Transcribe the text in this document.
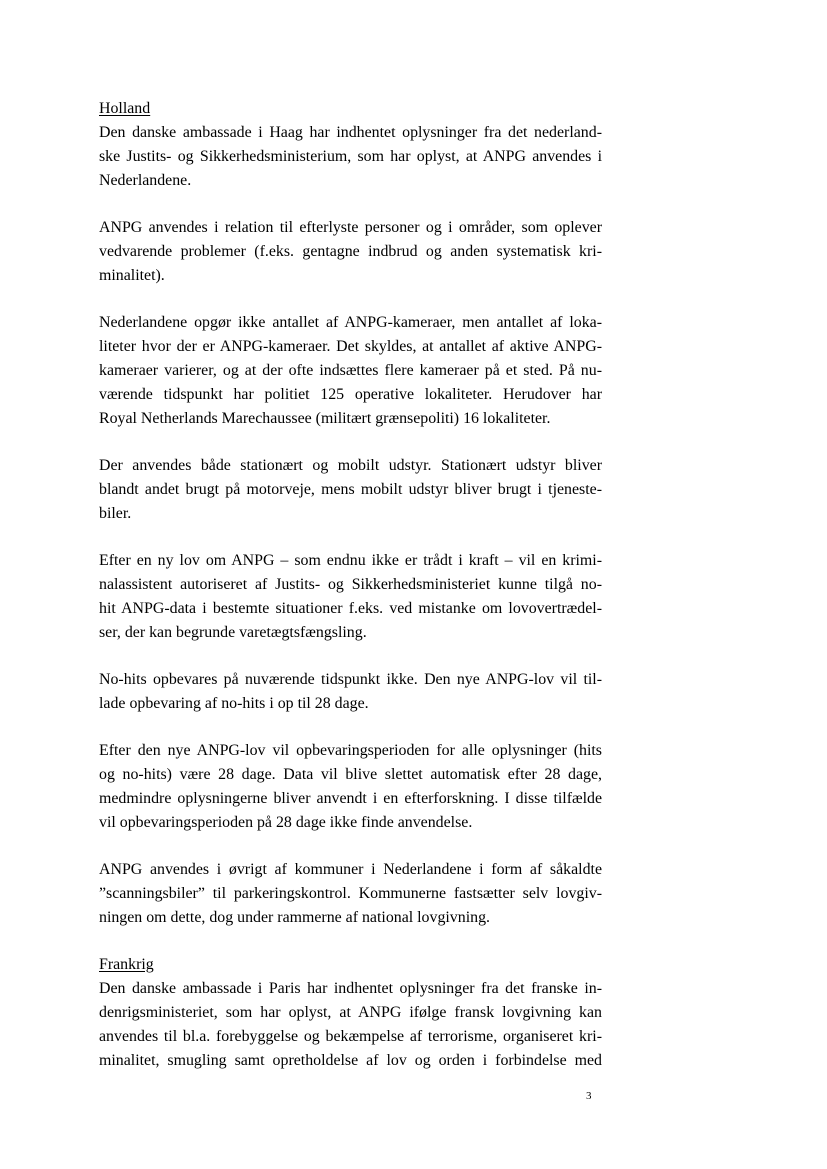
Holland
Den danske ambassade i Haag har indhentet oplysninger fra det nederland-
ske Justits- og Sikkerhedsministerium, som har oplyst, at ANPG anvendes i
Nederlandene.
ANPG anvendes i relation til efterlyste personer og i områder, som oplever
vedvarende problemer (f.eks. gentagne indbrud og anden systematisk kri-
minalitet).
Nederlandene opgør ikke antallet af ANPG-kameraer, men antallet af loka-
liteter hvor der er ANPG-kameraer. Det skyldes, at antallet af aktive ANPG-
kameraer varierer, og at der ofte indsættes flere kameraer på et sted. På nu-
værende tidspunkt har politiet 125 operative lokaliteter. Herudover har
Royal Netherlands Marechaussee (militært grænsepoliti) 16 lokaliteter.
Der anvendes både stationært og mobilt udstyr. Stationært udstyr bliver
blandt andet brugt på motorveje, mens mobilt udstyr bliver brugt i tjeneste-
biler.
Efter en ny lov om ANPG – som endnu ikke er trådt i kraft – vil en krimi-
nalassistent autoriseret af Justits- og Sikkerhedsministeriet kunne tilgå no-
hit ANPG-data i bestemte situationer f.eks. ved mistanke om lovovertrædel-
ser, der kan begrunde varetægtsfængsling.
No-hits opbevares på nuværende tidspunkt ikke. Den nye ANPG-lov vil til-
lade opbevaring af no-hits i op til 28 dage.
Efter den nye ANPG-lov vil opbevaringsperioden for alle oplysninger (hits
og no-hits) være 28 dage. Data vil blive slettet automatisk efter 28 dage,
medmindre oplysningerne bliver anvendt i en efterforskning. I disse tilfælde
vil opbevaringsperioden på 28 dage ikke finde anvendelse.
ANPG anvendes i øvrigt af kommuner i Nederlandene i form af såkaldte
”scanningsbiler” til parkeringskontrol. Kommunerne fastsætter selv lovgiv-
ningen om dette, dog under rammerne af national lovgivning.
Frankrig
Den danske ambassade i Paris har indhentet oplysninger fra det franske in-
denrigsministeriet, som har oplyst, at ANPG ifølge fransk lovgivning kan
anvendes til bl.a. forebyggelse og bekæmpelse af terrorisme, organiseret kri-
minalitet, smugling samt opretholdelse af lov og orden i forbindelse med
3
